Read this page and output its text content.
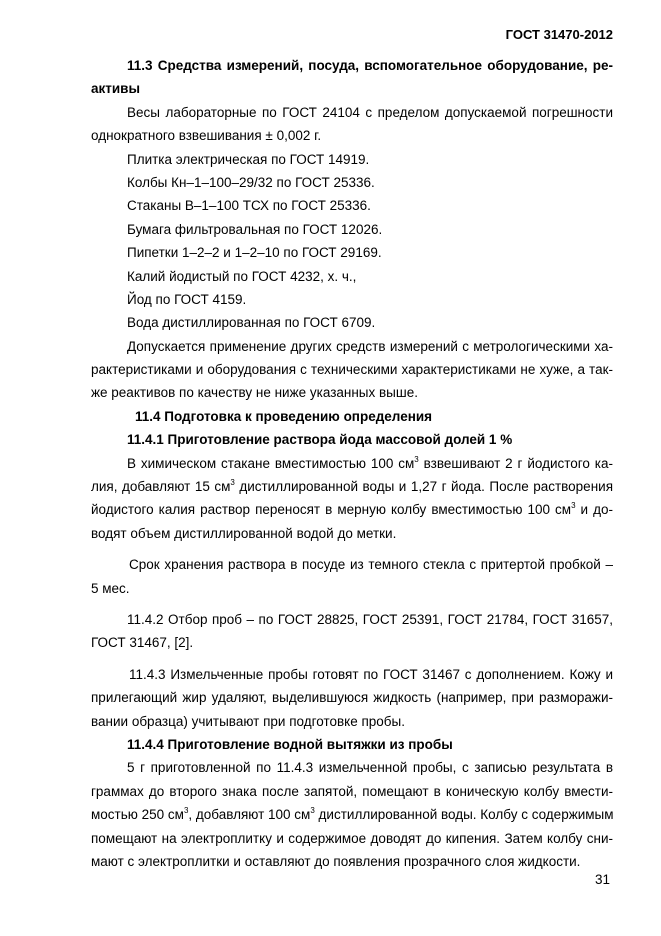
ГОСТ 31470-2012
11.3 Средства измерений, посуда, вспомогательное оборудование, ре-
активы
Весы лабораторные по ГОСТ 24104 с пределом допускаемой погрешности
однократного взвешивания ± 0,002 г.
Плитка электрическая по ГОСТ 14919.
Колбы Кн–1–100–29/32 по ГОСТ 25336.
Стаканы В–1–100 ТСХ по ГОСТ 25336.
Бумага фильтровальная по ГОСТ 12026.
Пипетки 1–2–2 и 1–2–10 по ГОСТ 29169.
Калий йодистый по ГОСТ 4232, х. ч.,
Йод по ГОСТ 4159.
Вода дистиллированная по ГОСТ 6709.
Допускается применение других средств измерений с метрологическими ха-
рактеристиками и оборудования с техническими характеристиками не хуже, а так-
же реактивов по качеству не ниже указанных выше.
11.4 Подготовка к проведению определения
11.4.1 Приготовление раствора йода массовой долей 1 %
В химическом стакане вместимостью 100 $см^3$ взвешивают 2 г йодистого ка-
лия, добавляют 15 $см^3$ дистиллированной воды и 1,27 г йода. После растворения
йодистого калия раствор переносят в мерную колбу вместимостью 100 $см^3$ и до-
водят объем дистиллированной водой до метки.
Срок хранения раствора в посуде из темного стекла с притертой пробкой –
5 мес.
11.4.2 Отбор проб – по ГОСТ 28825, ГОСТ 25391, ГОСТ 21784, ГОСТ 31657,
ГОСТ 31467, [2].
11.4.3 Измельченные пробы готовят по ГОСТ 31467 с дополнением. Кожу и
прилегающий жир удаляют, выделившуюся жидкость (например, при разморажи-
вании образца) учитывают при подготовке пробы.
11.4.4 Приготовление водной вытяжки из пробы
5 г приготовленной по 11.4.3 измельченной пробы, с записью результата в
граммах до второго знака после запятой, помещают в коническую колбу вмести-
мостью 250 $см^3$, добавляют 100 $см^3$ дистиллированной воды. Колбу с содержимым
помещают на электроплитку и содержимое доводят до кипения. Затем колбу сни-
мают с электроплитки и оставляют до появления прозрачного слоя жидкости.
31
